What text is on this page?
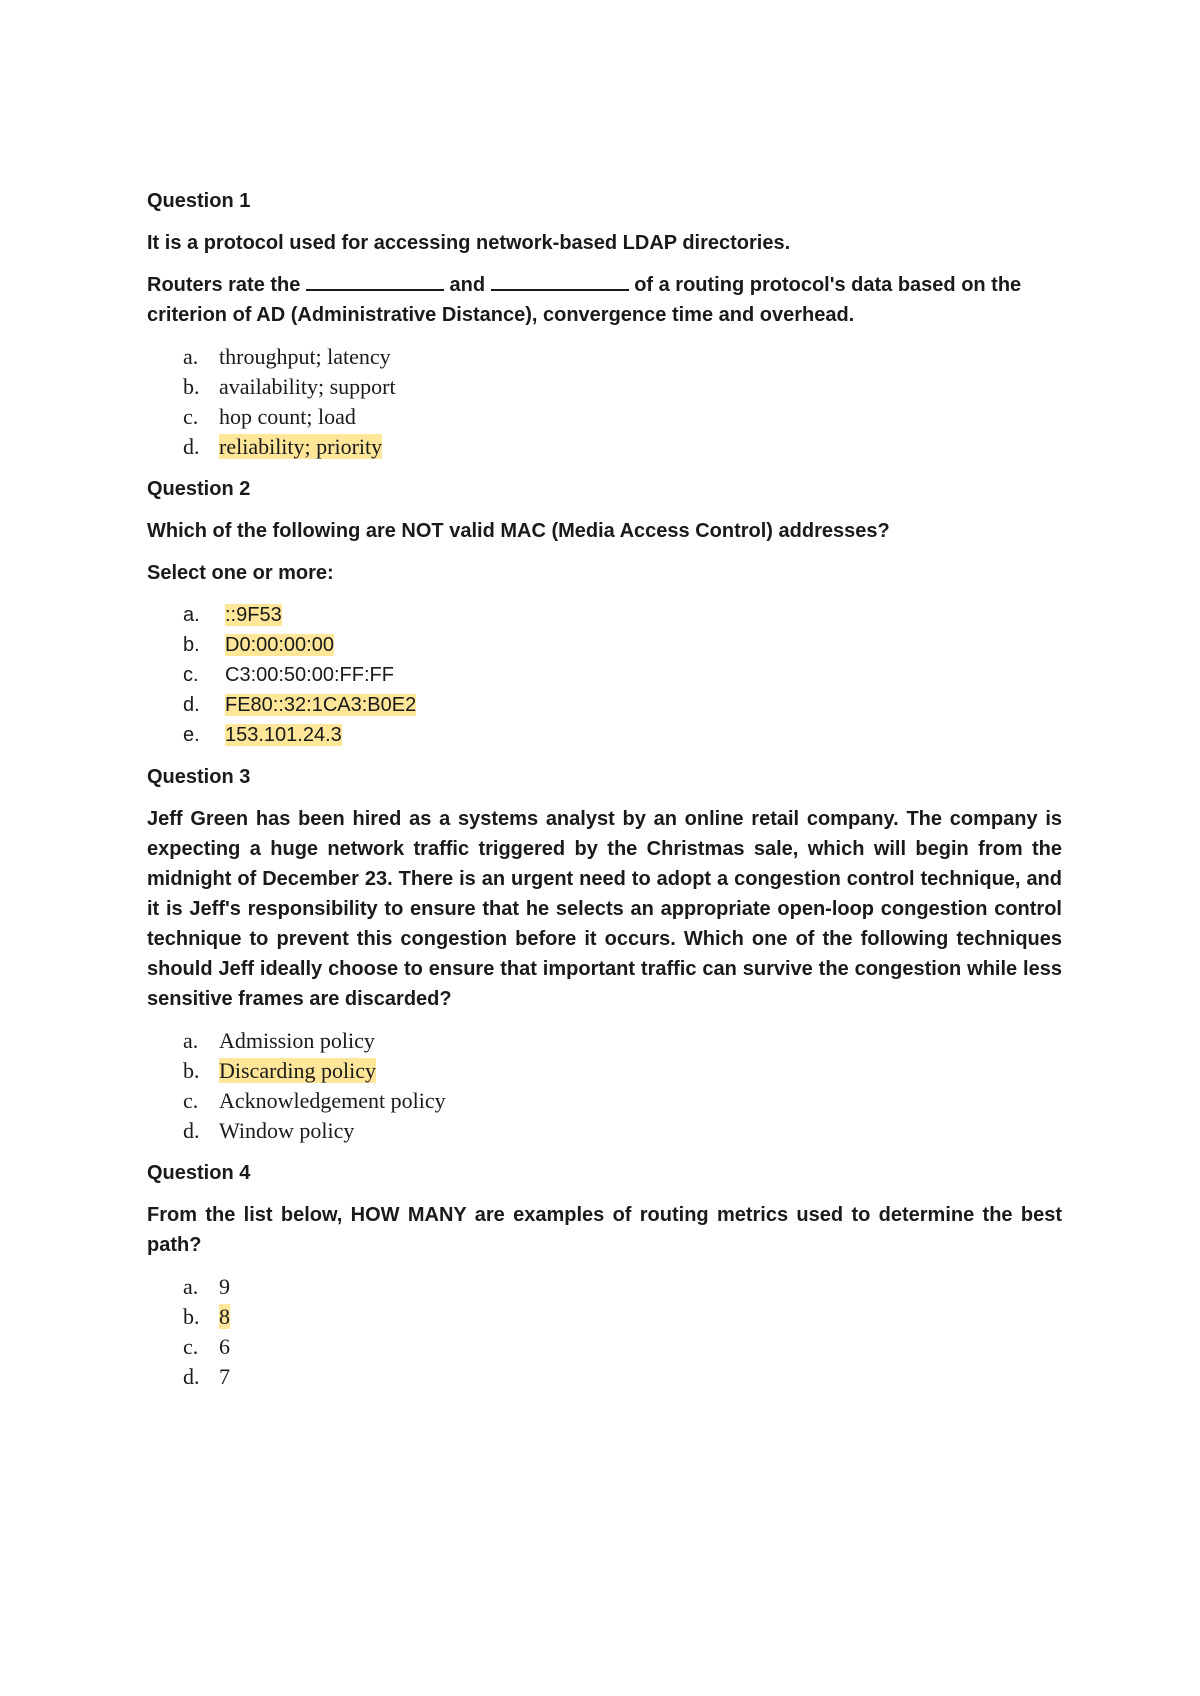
Question 1

It is a protocol used for accessing network-based LDAP directories.

Routers rate the	and	of a routing protocol's data based on the criterion of AD (Administrative Distance), convergence time and overhead.

a. throughput; latency
b. availability; support
c. hop count; load
d. reliability; priority

Question 2

Which of the following are NOT valid MAC (Media Access Control) addresses?

Select one or more:

a. ::9F53
b. D0:00:00:00
c. C3:00:50:00:FF:FF
d. FE80::32:1CA3:B0E2
e. 153.101.24.3

Question 3

Jeff Green has been hired as a systems analyst by an online retail company. The company is expecting a huge network traffic triggered by the Christmas sale, which will begin from the midnight of December 23. There is an urgent need to adopt a congestion control technique, and it is Jeff's responsibility to ensure that he selects an appropriate open-loop congestion control technique to prevent this congestion before it occurs. Which one of the following techniques should Jeff ideally choose to ensure that important traffic can survive the congestion while less sensitive frames are discarded?

a. Admission policy
b. Discarding policy
c. Acknowledgement policy
d. Window policy

Question 4

From the list below, HOW MANY are examples of routing metrics used to determine the best path?

a. 9
b. 8
c. 6
d. 7
